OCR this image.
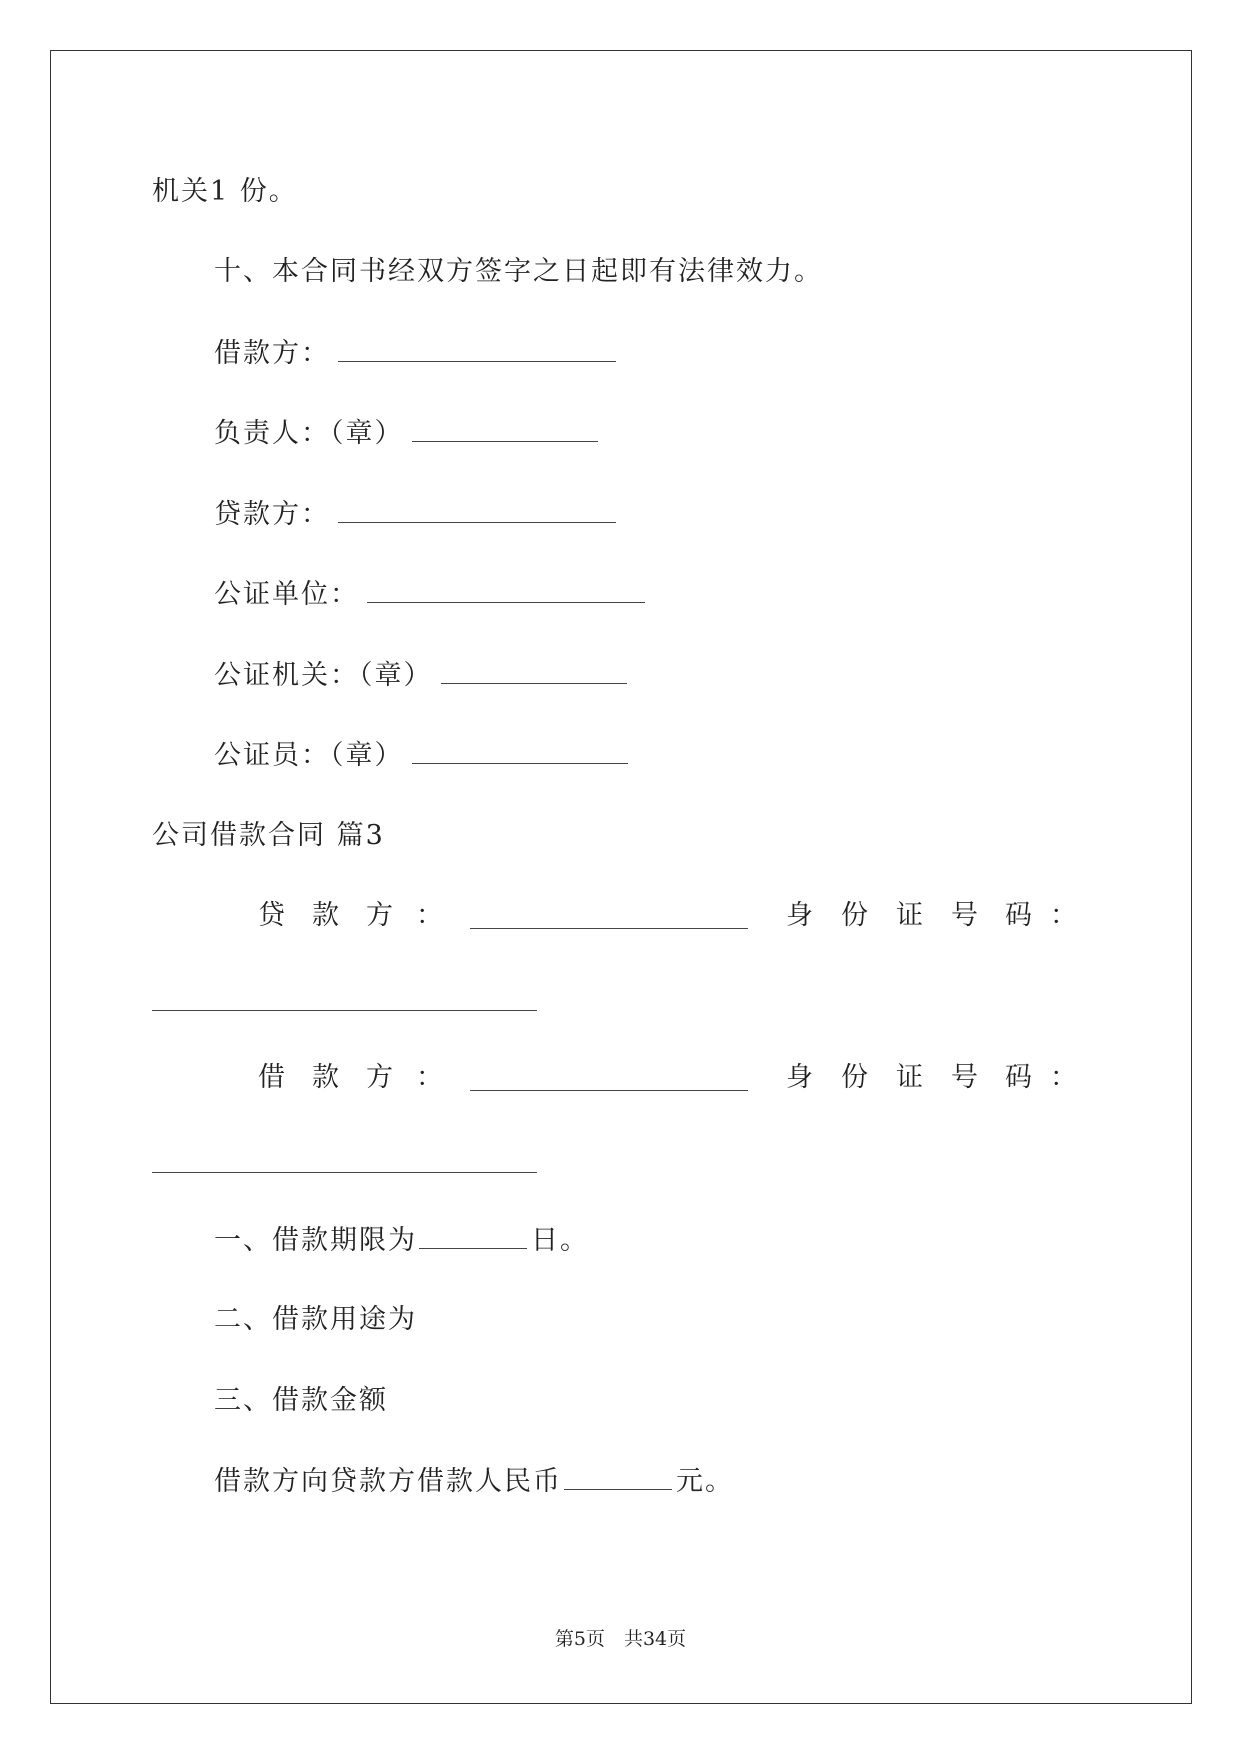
机关1 份。
十、本合同书经双方签字之日起即有法律效力。
借款方：
负责人：（章）
贷款方：
公证单位：
公证机关：（章）
公证员：（章）
公司借款合同 篇3
贷 款 方 ：	身 份 证 号 码 ：
借 款 方 ：	身 份 证 号 码 ：
一、借款期限为	日。
二、借款用途为
三、借款金额
借款方向贷款方借款人民币	元。
第5页　共34页
